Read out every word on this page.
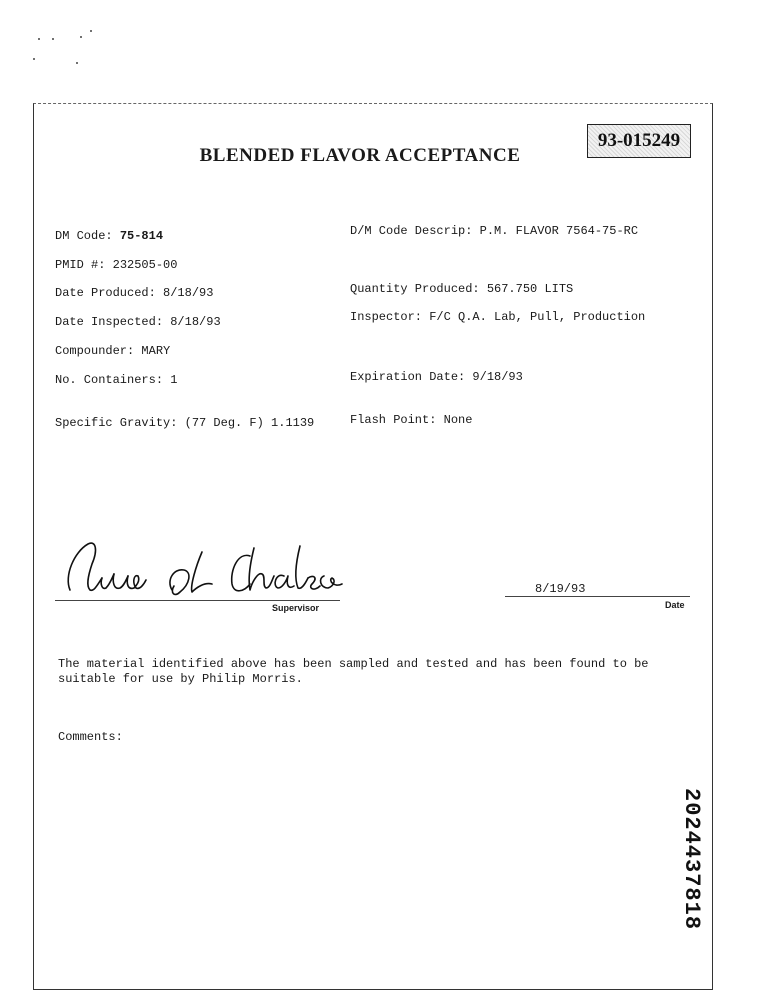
93-015249
BLENDED FLAVOR ACCEPTANCE
DM Code: 75-814
PMID #: 232505-00
Date Produced: 8/18/93
Date Inspected: 8/18/93
Compounder: MARY
No. Containers: 1
Specific Gravity: (77 Deg. F) 1.1139
D/M Code Descrip: P.M. FLAVOR 7564-75-RC
Quantity Produced: 567.750 LITS
Inspector: F/C Q.A. Lab, Pull, Production
Expiration Date: 9/18/93
Flash Point: None
Supervisor
8/19/93
Date
The material identified above has been sampled and tested and has been found to be suitable for use by Philip Morris.
Comments:
2024437818
